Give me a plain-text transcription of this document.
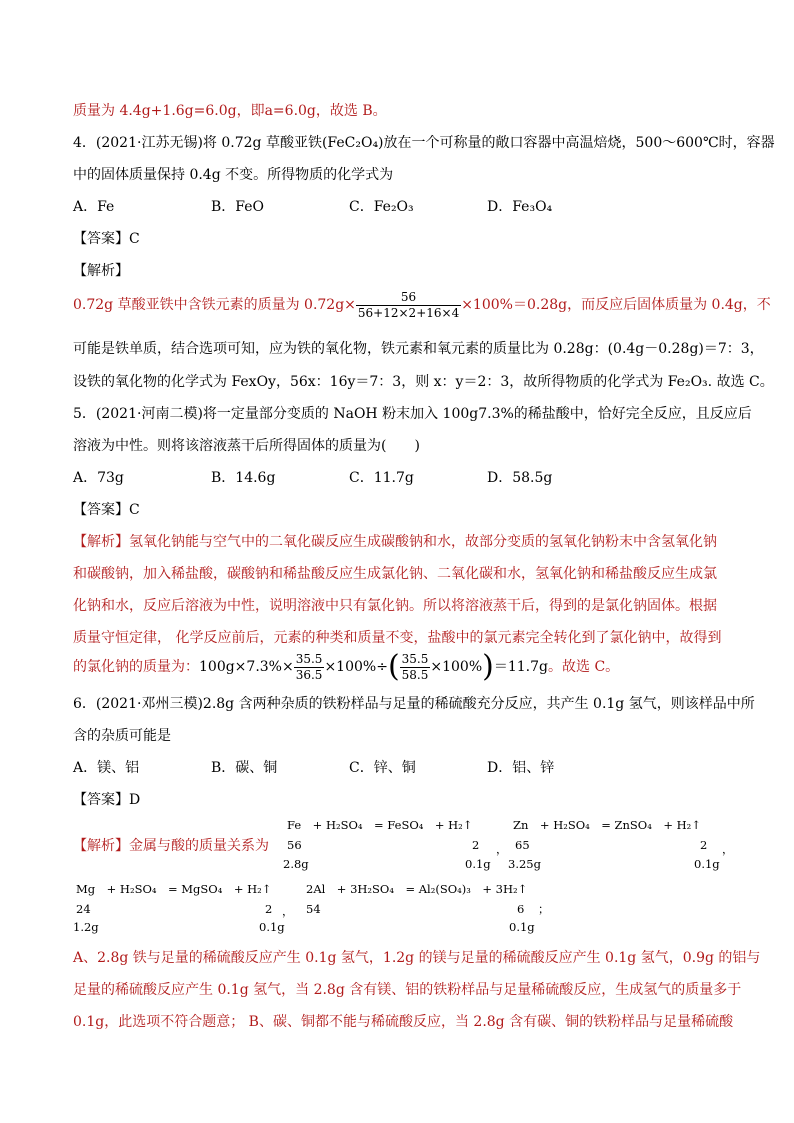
质量为 4.4g+1.6g=6.0g，即a=6.0g，故选 B。
4．(2021·江苏无锡)将 0.72g 草酸亚铁(FeC₂O₄)放在一个可称量的敞口容器中高温焙烧，500～600℃时，容器
中的固体质量保持 0.4g 不变。所得物质的化学式为
A．Fe	B．FeO	C．Fe₂O₃	D．Fe₃O₄
【答案】C
【解析】
0.72g 草酸亚铁中含铁元素的质量为 $0.72g\times \frac{56}{56+12\times 2+16\times 4} \times 100\%=0.28g$，而反应后固体质量为 0.4g，不
可能是铁单质，结合选项可知，应为铁的氧化物，铁元素和氧元素的质量比为 0.28g：(0.4g－0.28g)＝7：3，
设铁的氧化物的化学式为 FexOy，56x：16y＝7：3，则 x：y＝2：3，故所得物质的化学式为 Fe₂O₃. 故选 C。
5．(2021·河南二模)将一定量部分变质的 NaOH 粉末加入 100g7.3%的稀盐酸中，恰好完全反应，且反应后
溶液为中性。则将该溶液蒸干后所得固体的质量为(　　)
A．73g	B．14.6g	C．11.7g	D．58.5g
【答案】C
【解析】氢氧化钠能与空气中的二氧化碳反应生成碳酸钠和水，故部分变质的氢氧化钠粉末中含氢氧化钠
和碳酸钠，加入稀盐酸，碳酸钠和稀盐酸反应生成氯化钠、二氧化碳和水，氢氧化钠和稀盐酸反应生成氯
化钠和水，反应后溶液为中性，说明溶液中只有氯化钠。所以将溶液蒸干后，得到的是氯化钠固体。根据
质量守恒定律， 化学反应前后，元素的种类和质量不变，盐酸中的氯元素完全转化到了氯化钠中，故得到
的氯化钠的质量为：$100g\times 7.3\%\times \frac{35.5}{36.5} \times 100\%\div( \frac{35.5}{58.5} \times 100\%)=11.7g$。故选 C。
6．(2021·邓州三模)2.8g 含两种杂质的铁粉样品与足量的稀硫酸充分反应，共产生 0.1g 氢气，则该样品中所
含的杂质可能是
A．镁、铝	B．碳、铜	C．锌、铜	D．铝、锌
【答案】D
【解析】金属与酸的质量关系为
Fe　+ H₂SO₄　= FeSO₄　+ H₂↑
56	2
2.8g	0.1g
，
Zn　+ H₂SO₄　= ZnSO₄　+ H₂↑
65	2
3.25g	0.1g
，
Mg　+ H₂SO₄　= MgSO₄　+ H₂↑
24	2
1.2g	0.1g
，
2Al　+ 3H₂SO₄　= Al₂(SO₄)₃　+ 3H₂↑
54	6
0.1g
；
A、2.8g 铁与足量的稀硫酸反应产生 0.1g 氢气，1.2g 的镁与足量的稀硫酸反应产生 0.1g 氢气，0.9g 的铝与
足量的稀硫酸反应产生 0.1g 氢气，当 2.8g 含有镁、铝的铁粉样品与足量稀硫酸反应，生成氢气的质量多于
0.1g，此选项不符合题意； B、碳、铜都不能与稀硫酸反应，当 2.8g 含有碳、铜的铁粉样品与足量稀硫酸
